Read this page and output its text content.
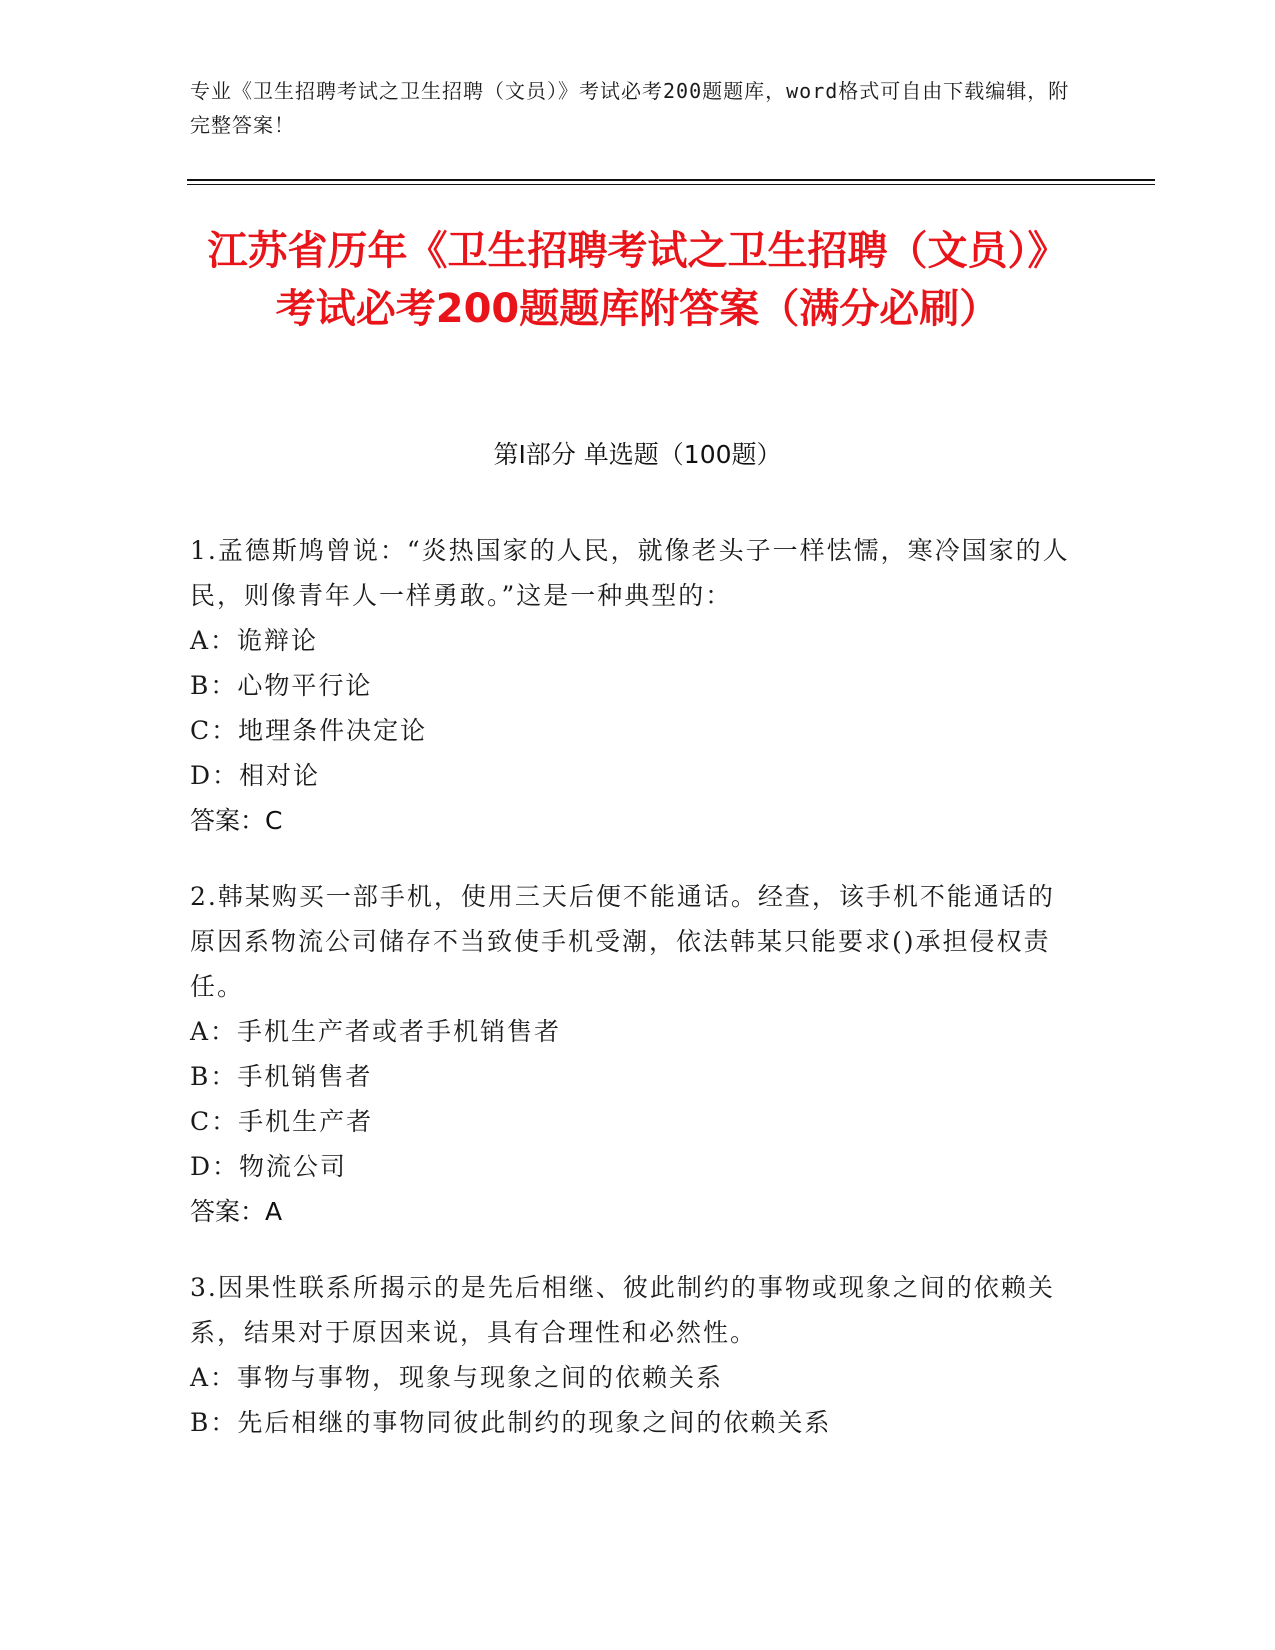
专业《卫生招聘考试之卫生招聘（文员）》考试必考200题题库，word格式可自由下载编辑，附完整答案！
江苏省历年《卫生招聘考试之卫生招聘（文员）》考试必考200题题库附答案（满分必刷）
第Ⅰ部分 单选题（100题）
1.孟德斯鸠曾说：“炎热国家的人民，就像老头子一样怯懦，寒冷国家的人民，则像青年人一样勇敢。”这是一种典型的：
A：诡辩论
B：心物平行论
C：地理条件决定论
D：相对论
答案：C
2.韩某购买一部手机，使用三天后便不能通话。经查，该手机不能通话的原因系物流公司储存不当致使手机受潮，依法韩某只能要求()承担侵权责任。
A：手机生产者或者手机销售者
B：手机销售者
C：手机生产者
D：物流公司
答案：A
3.因果性联系所揭示的是先后相继、彼此制约的事物或现象之间的依赖关系，结果对于原因来说，具有合理性和必然性。
A：事物与事物，现象与现象之间的依赖关系
B：先后相继的事物同彼此制约的现象之间的依赖关系
